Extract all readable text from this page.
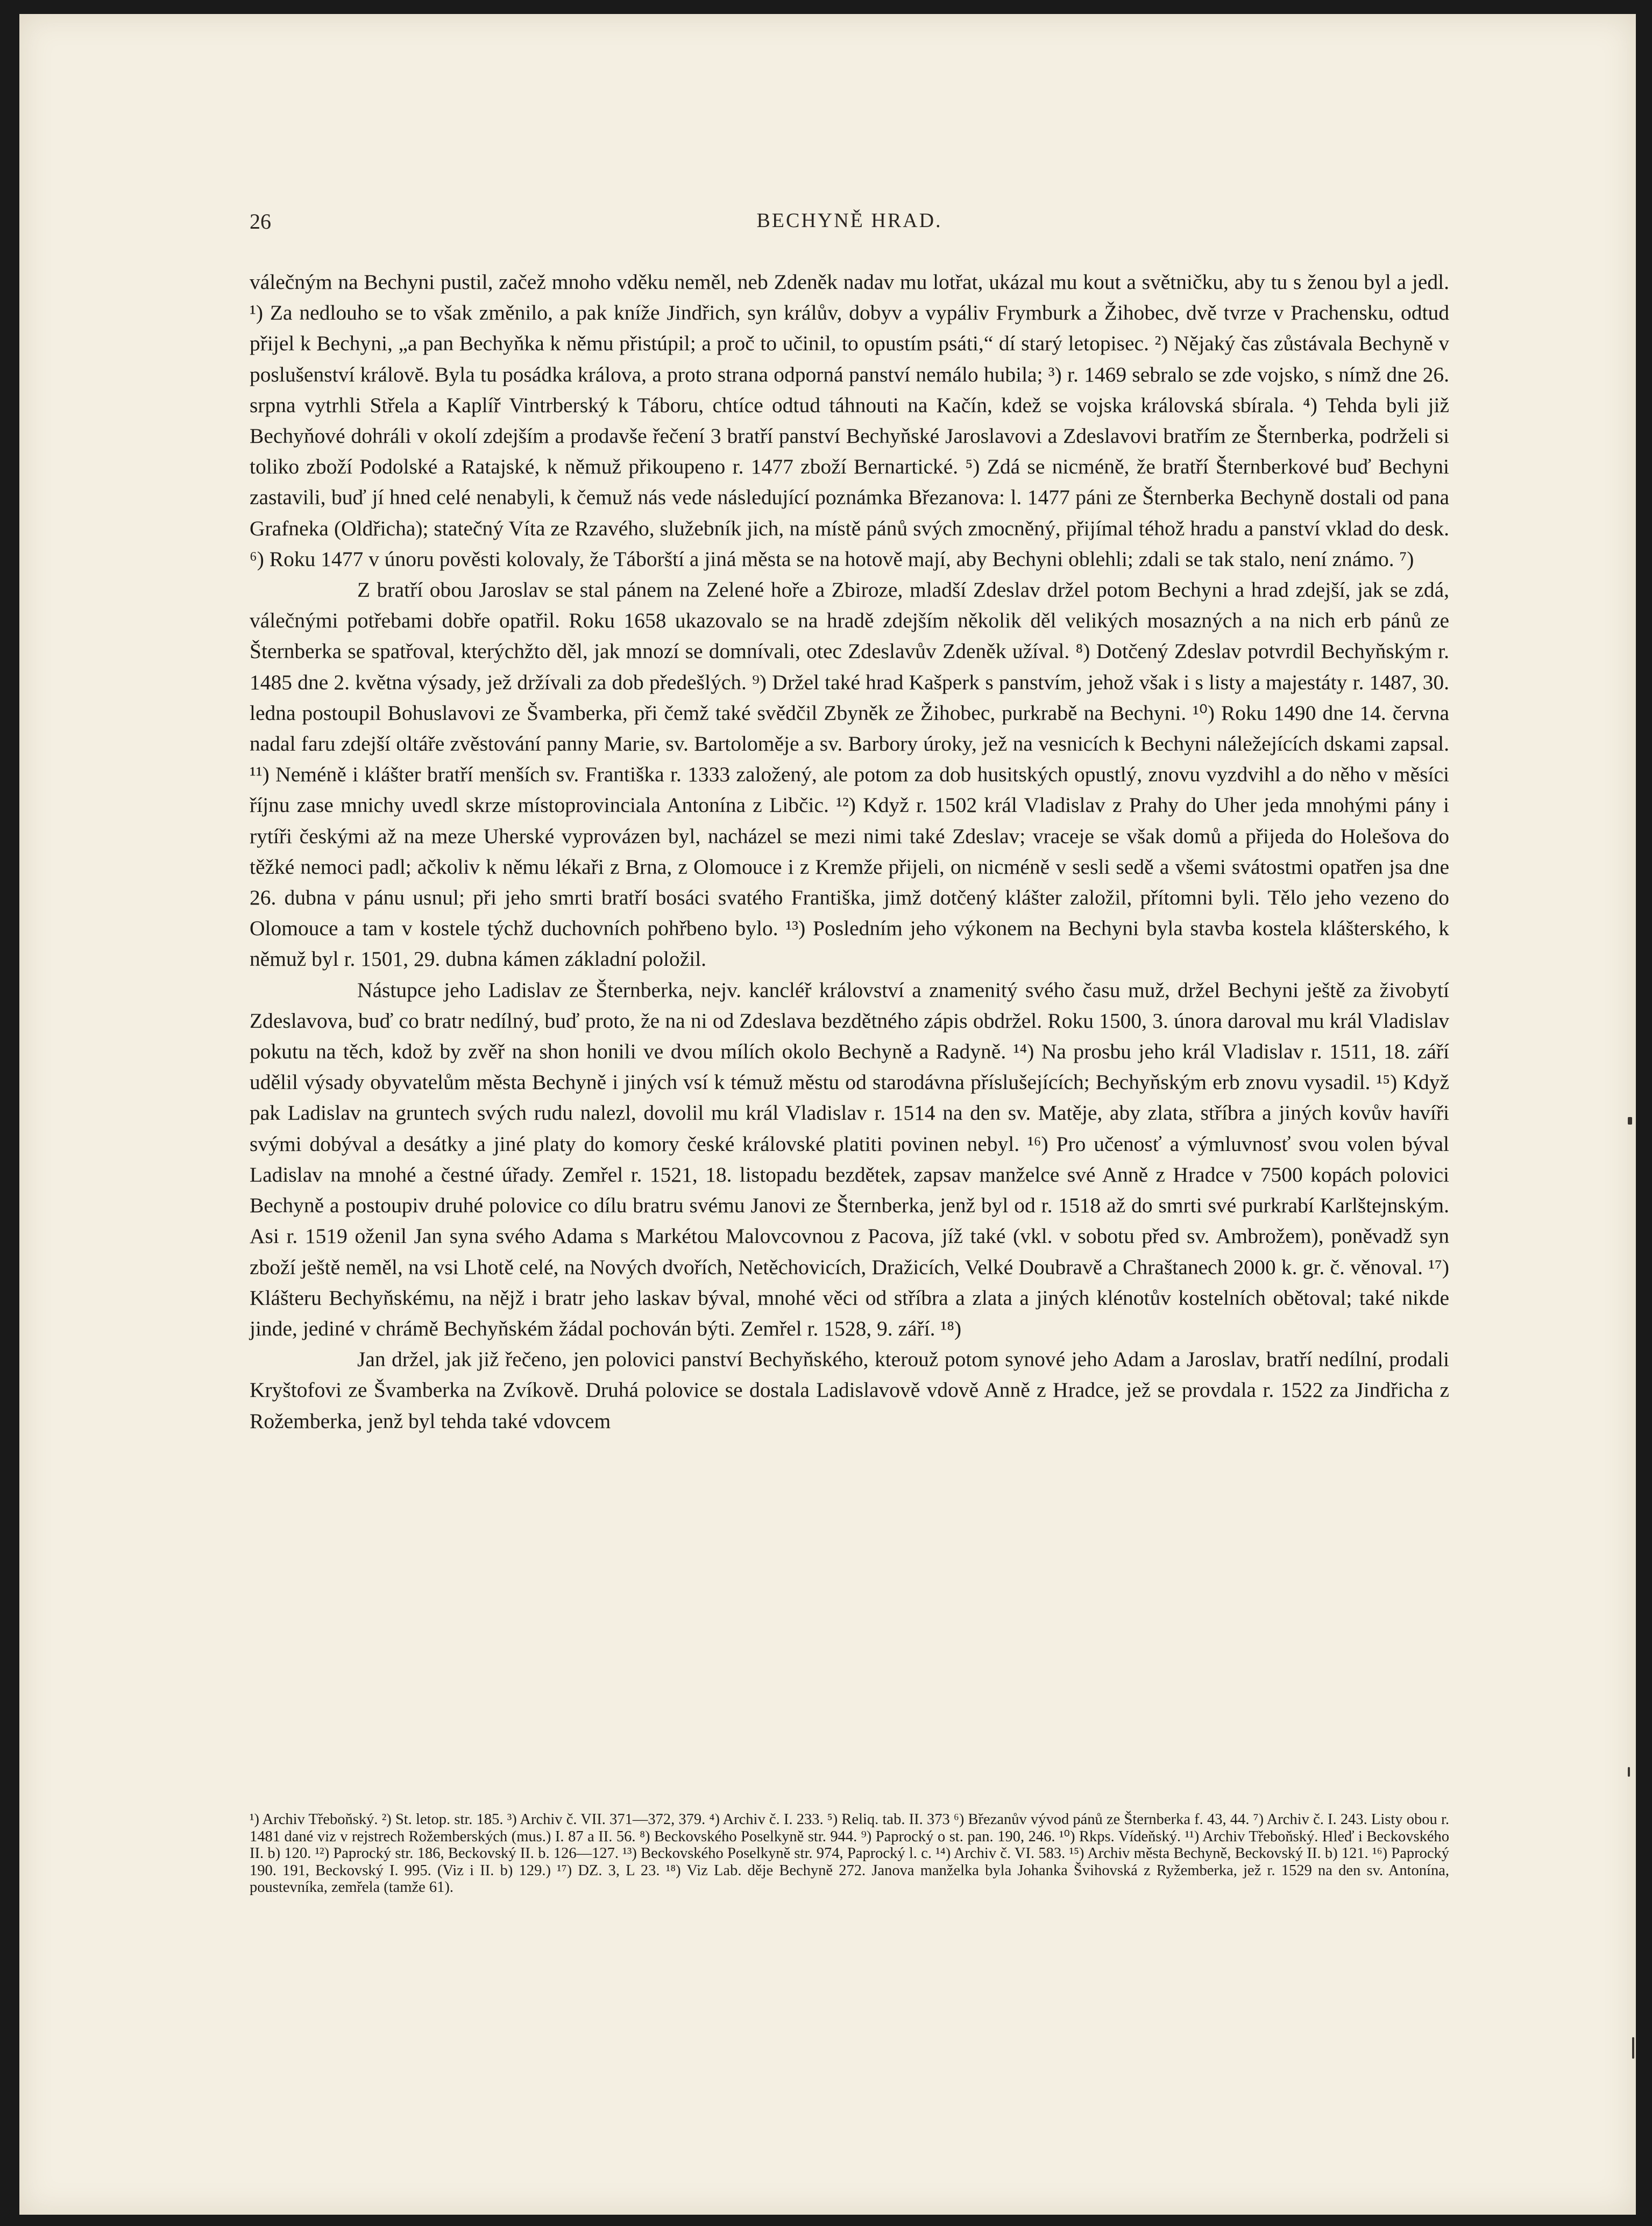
26	BECHYNĚ HRAD.

válečným na Bechyni pustil, začež mnoho vděku neměl, neb Zdeněk nadav mu lotřat, ukázal mu kout a světničku, aby tu s ženou byl a jedl. ¹) Za nedlouho se to však změnilo, a pak kníže Jindřich, syn králův, dobyv a vypáliv Frymburk a Žihobec, dvě tvrze v Prachensku, odtud přijel k Bechyni, „a pan Bechyňka k němu přistúpil; a proč to učinil, to opustím psáti,“ dí starý letopisec. ²) Nějaký čas zůstávala Bechyně v poslušenství královĕ. Byla tu posádka králova, a proto strana odporná panství nemálo hubila; ³) r. 1469 sebralo se zde vojsko, s nímž dne 26. srpna vytrhli Střela a Kaplíř Vintrberský k Táboru, chtíce odtud táhnouti na Kačín, kdež se vojska královská sbírala. ⁴) Tehda byli již Bechyňové dohráli v okolí zdejším a prodavše řečení 3 bratří panství Bechyňské Jaroslavovi a Zdeslavovi bratřím ze Šternberka, podrželi si toliko zboží Podolské a Ratajské, k němuž přikoupeno r. 1477 zboží Bernartické. ⁵) Zdá se nicméně, že bratří Šternberkové buď Bechyni zastavili, buď jí hned celé nenabyli, k čemuž nás vede následující poznámka Březanova: l. 1477 páni ze Šternberka Bechyně dostali od pana Grafneka (Oldřicha); statečný Víta ze Rzavého, služebník jich, na místě pánů svých zmocněný, přijímal téhož hradu a panství vklad do desk. ⁶) Roku 1477 v únoru pověsti kolovaly, že Táborští a jiná města se na hotově mají, aby Bechyni oblehli; zdali se tak stalo, není známo. ⁷)

Z bratří obou Jaroslav se stal pánem na Zelené hoře a Zbiroze, mladší Zdeslav držel potom Bechyni a hrad zdejší, jak se zdá, válečnými potřebami dobře opatřil. Roku 1658 ukazovalo se na hradě zdejším několik děl velikých mosazných a na nich erb pánů ze Šternberka se spatřoval, kterýchžto děl, jak mnozí se domnívali, otec Zdeslavův Zdeněk užíval. ⁸) Dotčený Zdeslav potvrdil Bechyňským r. 1485 dne 2. května výsady, jež držívali za dob předešlých. ⁹) Držel také hrad Kašperk s panstvím, jehož však i s listy a majestáty r. 1487, 30. ledna postoupil Bohuslavovi ze Švamberka, při čemž také svědčil Zbyněk ze Žihobec, purkrabě na Bechyni. ¹⁰) Roku 1490 dne 14. června nadal faru zdejší oltáře zvěstování panny Marie, sv. Bartoloměje a sv. Barbory úroky, jež na vesnicích k Bechyni náležejících dskami zapsal. ¹¹) Neméně i klášter bratří menších sv. Františka r. 1333 založený, ale potom za dob husitských opustlý, znovu vyzdvihl a do něho v měsíci říjnu zase mnichy uvedl skrze místoprovinciala Antonína z Libčic. ¹²) Když r. 1502 král Vladislav z Prahy do Uher jeda mnohými pány i rytíři českými až na meze Uherské vyprovázen byl, nacházel se mezi nimi také Zdeslav; vraceje se však domů a přijeda do Holešova do těžké nemoci padl; ačkoliv k němu lékaři z Brna, z Olomouce i z Kremže přijeli, on nicméně v sesli sedě a všemi svátostmi opatřen jsa dne 26. dubna v pánu usnul; při jeho smrti bratří bosáci svatého Františka, jimž dotčený klášter založil, přítomni byli. Tělo jeho vezeno do Olomouce a tam v kostele týchž duchovních pohřbeno bylo. ¹³) Posledním jeho výkonem na Bechyni byla stavba kostela klášterského, k němuž byl r. 1501, 29. dubna kámen základní položil.

Nástupce jeho Ladislav ze Šternberka, nejv. kancléř království a znamenitý svého času muž, držel Bechyni ještě za živobytí Zdeslavova, buď co bratr nedílný, buď proto, že na ni od Zdeslava bezdětného zápis obdržel. Roku 1500, 3. února daroval mu král Vladislav pokutu na těch, kdož by zvěř na shon honili ve dvou mílích okolo Bechyně a Radyně. ¹⁴) Na prosbu jeho král Vladislav r. 1511, 18. září udělil výsady obyvatelům města Bechyně i jiných vsí k témuž městu od starodávna příslušejících; Bechyňským erb znovu vysadil. ¹⁵) Když pak Ladislav na gruntech svých rudu nalezl, dovolil mu král Vladislav r. 1514 na den sv. Matěje, aby zlata, stříbra a jiných kovův havíři svými dobýval a desátky a jiné platy do komory české královské platiti povinen nebyl. ¹⁶) Pro učenosť a výmluvnosť svou volen býval Ladislav na mnohé a čestné úřady. Zemřel r. 1521, 18. listopadu bezdětek, zapsav manželce své Anně z Hradce v 7500 kopách polovici Bechyně a postoupiv druhé polovice co dílu bratru svému Janovi ze Šternberka, jenž byl od r. 1518 až do smrti své purkrabí Karlštejnským. Asi r. 1519 oženil Jan syna svého Adama s Markétou Malovcovnou z Pacova, jíž také (vkl. v sobotu před sv. Ambrožem), poněvadž syn zboží ještě neměl, na vsi Lhotě celé, na Nových dvořích, Netěchovicích, Dražicích, Velké Doubravě a Chraštanech 2000 k. gr. č. věnoval. ¹⁷) Klášteru Bechyňskému, na nějž i bratr jeho laskav býval, mnohé věci od stříbra a zlata a jiných klénotův kostelních obětoval; také nikde jinde, jediné v chrámě Bechyňském žádal pochován býti. Zemřel r. 1528, 9. září. ¹⁸)

Jan držel, jak již řečeno, jen polovici panství Bechyňského, kterouž potom synové jeho Adam a Jaroslav, bratří nedílní, prodali Kryštofovi ze Švamberka na Zvíkově. Druhá polovice se dostala Ladislavově vdově Anně z Hradce, jež se provdala r. 1522 za Jindřicha z Rožemberka, jenž byl tehda také vdovcem

¹) Archiv Třeboňský. ²) St. letop. str. 185. ³) Archiv č. VII. 371—372, 379. ⁴) Archiv č. I. 233. ⁵) Reliq. tab. II. 373 ⁶) Březanův vývod pánů ze Šternberka f. 43, 44. ⁷) Archiv č. I. 243. Listy obou r. 1481 dané viz v rejstrech Rožemberských (mus.) I. 87 a II. 56. ⁸) Beckovského Poselkyně str. 944. ⁹) Paprocký o st. pan. 190, 246. ¹⁰) Rkps. Vídeňský. ¹¹) Archiv Třeboňský. Hleď i Beckovského II. b) 120. ¹²) Paprocký str. 186, Beckovský II. b. 126—127. ¹³) Beckovského Poselkyně str. 974, Paprocký l. c. ¹⁴) Archiv č. VI. 583. ¹⁵) Archiv města Bechyně, Beckovský II. b) 121. ¹⁶) Paprocký 190. 191, Beckovský I. 995. (Viz i II. b) 129.) ¹⁷) DZ. 3, L 23. ¹⁸) Viz Lab. děje Bechyně 272. Janova manželka byla Johanka Švihovská z Ryžemberka, jež r. 1529 na den sv. Antonína, poustevníka, zemřela (tamže 61).
